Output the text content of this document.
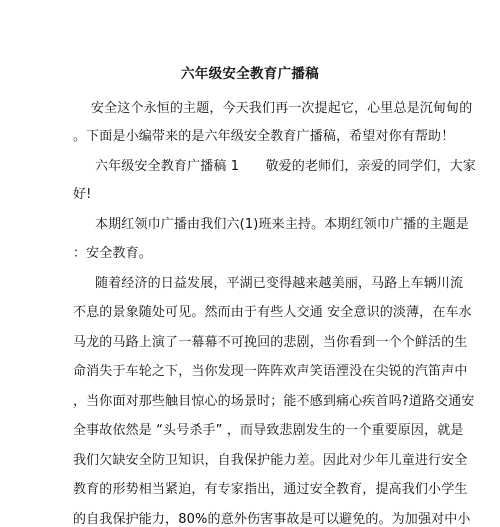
六年级安全教育广播稿
安全这个永恒的主题，今天我们再一次提起它，心里总是沉甸甸的
。下面是小编带来的是六年级安全教育广播稿，希望对你有帮助！
六年级安全教育广播稿 1　　敬爱的老师们，亲爱的同学们，大家
好!
本期红领巾广播由我们六(1)班来主持。本期红领巾广播的主题是
：安全教育。
随着经济的日益发展，平湖已变得越来越美丽，马路上车辆川流
不息的景象随处可见。然而由于有些人交通 安全意识的淡薄，在车水
马龙的马路上演了一幕幕不可挽回的悲剧，当你看到一个个鲜活的生
命消失于车轮之下，当你发现一阵阵欢声笑语湮没在尖锐的汽笛声中
，当你面对那些触目惊心的场景时；能不感到痛心疾首吗?道路交通安
全事故依然是 “头号杀手” ，而导致悲剧发生的一个重要原因，就是
我们欠缺安全防卫知识，自我保护能力差。因此对少年儿童进行安全
教育的形势相当紧迫，有专家指出，通过安全教育，提高我们小学生
的自我保护能力，80%的意外伤害事故是可以避免的。为加强对中小
